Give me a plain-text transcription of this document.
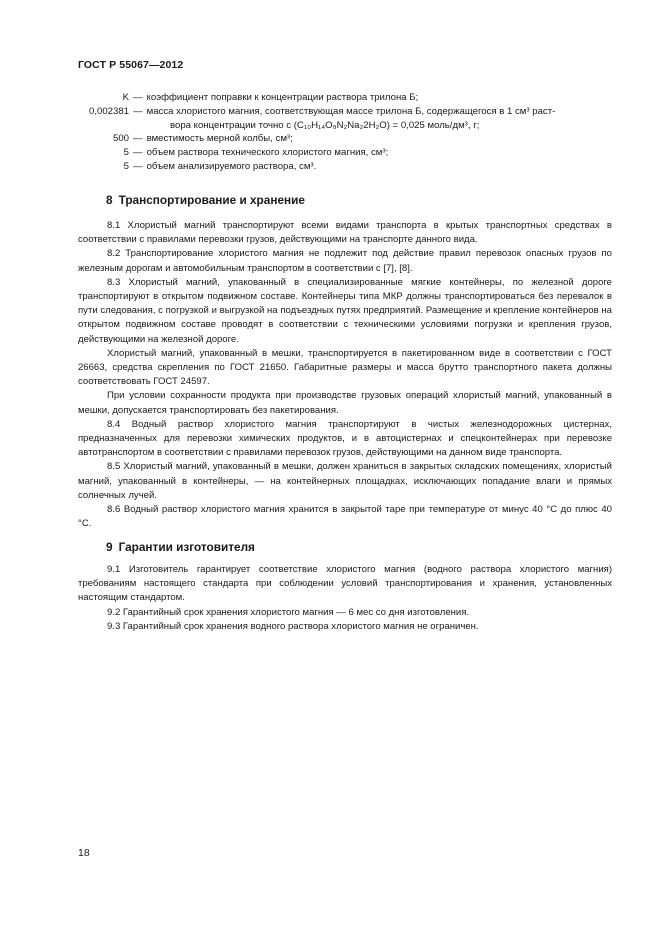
ГОСТ Р 55067—2012
K — коэффициент поправки к концентрации раствора трилона Б;
0,002381 — масса хлористого магния, соответствующая массе трилона Б, содержащегося в 1 см³ раст-
вора концентрации точно с (C₁₀H₁₄O₈N₂Na₂2H₂O) = 0,025 моль/дм³, г;
500 — вместимость мерной колбы, см³;
5 — объем раствора технического хлористого магния, см³;
5 — объем анализируемого раствора, см³.
8 Транспортирование и хранение

8.1 Хлористый магний транспортируют всеми видами транспорта в крытых транспортных средствах в соответствии с правилами перевозки грузов, действующими на транспорте данного вида.

8.2 Транспортирование хлористого магния не подлежит под действие правил перевозок опасных грузов по железным дорогам и автомобильным транспортом в соответствии с [7], [8].

8.3 Хлористый магний, упакованный в специализированные мягкие контейнеры, по железной дороге транспортируют в открытом подвижном составе. Контейнеры типа МКР должны транспортироваться без перевалок в пути следования, с погрузкой и выгрузкой на подъездных путях предприятий. Размещение и крепление контейнеров на открытом подвижном составе проводят в соответствии с техническими условиями погрузки и крепления грузов, действующими на железной дороге.

Хлористый магний, упакованный в мешки, транспортируется в пакетированном виде в соответствии с ГОСТ 26663, средства скрепления по ГОСТ 21650. Габаритные размеры и масса брутто транспортного пакета должны соответствовать ГОСТ 24597.

При условии сохранности продукта при производстве грузовых операций хлористый магний, упакованный в мешки, допускается транспортировать без пакетирования.

8.4 Водный раствор хлористого магния транспортируют в чистых железнодорожных цистернах, предназначенных для перевозки химических продуктов, и в автоцистернах и спецконтейнерах при перевозке автотранспортом в соответствии с правилами перевозок грузов, действующими на данном виде транспорта.

8.5 Хлористый магний, упакованный в мешки, должен храниться в закрытых складских помещениях, хлористый магний, упакованный в контейнеры, — на контейнерных площадках, исключающих попадание влаги и прямых солнечных лучей.

8.6 Водный раствор хлористого магния хранится в закрытой таре при температуре от минус 40 °С до плюс 40 °С.

9 Гарантии изготовителя

9.1 Изготовитель гарантирует соответствие хлористого магния (водного раствора хлористого магния) требованиям настоящего стандарта при соблюдении условий транспортирования и хранения, установленных настоящим стандартом.

9.2 Гарантийный срок хранения хлористого магния — 6 мес со дня изготовления.

9.3 Гарантийный срок хранения водного раствора хлористого магния не ограничен.

18
